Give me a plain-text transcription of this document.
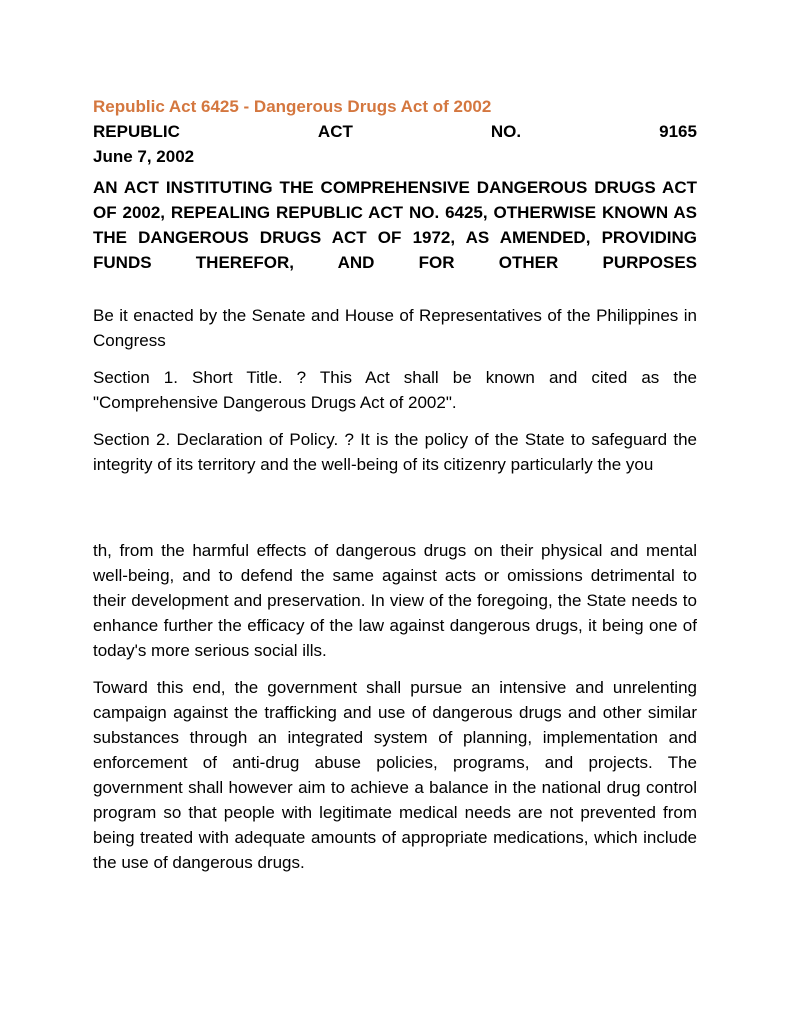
Republic Act 6425 - Dangerous Drugs Act of 2002

REPUBLIC	ACT	NO.	9165

June 7, 2002

AN ACT INSTITUTING THE COMPREHENSIVE DANGEROUS DRUGS ACT OF 2002, REPEALING REPUBLIC ACT NO. 6425, OTHERWISE KNOWN AS THE DANGEROUS DRUGS ACT OF 1972, AS AMENDED, PROVIDING FUNDS THEREFOR, AND FOR OTHER PURPOSES

Be it enacted by the Senate and House of Representatives of the Philippines in Congress

Section 1. Short Title. ? This Act shall be known and cited as the "Comprehensive Dangerous Drugs Act of 2002".

Section 2. Declaration of Policy. ? It is the policy of the State to safeguard the integrity of its territory and the well-being of its citizenry particularly the you

th, from the harmful effects of dangerous drugs on their physical and mental well-being, and to defend the same against acts or omissions detrimental to their development and preservation. In view of the foregoing, the State needs to enhance further the efficacy of the law against dangerous drugs, it being one of today's more serious social ills.

Toward this end, the government shall pursue an intensive and unrelenting campaign against the trafficking and use of dangerous drugs and other similar substances through an integrated system of planning, implementation and enforcement of anti-drug abuse policies, programs, and projects. The government shall however aim to achieve a balance in the national drug control program so that people with legitimate medical needs are not prevented from being treated with adequate amounts of appropriate medications, which include the use of dangerous drugs.
